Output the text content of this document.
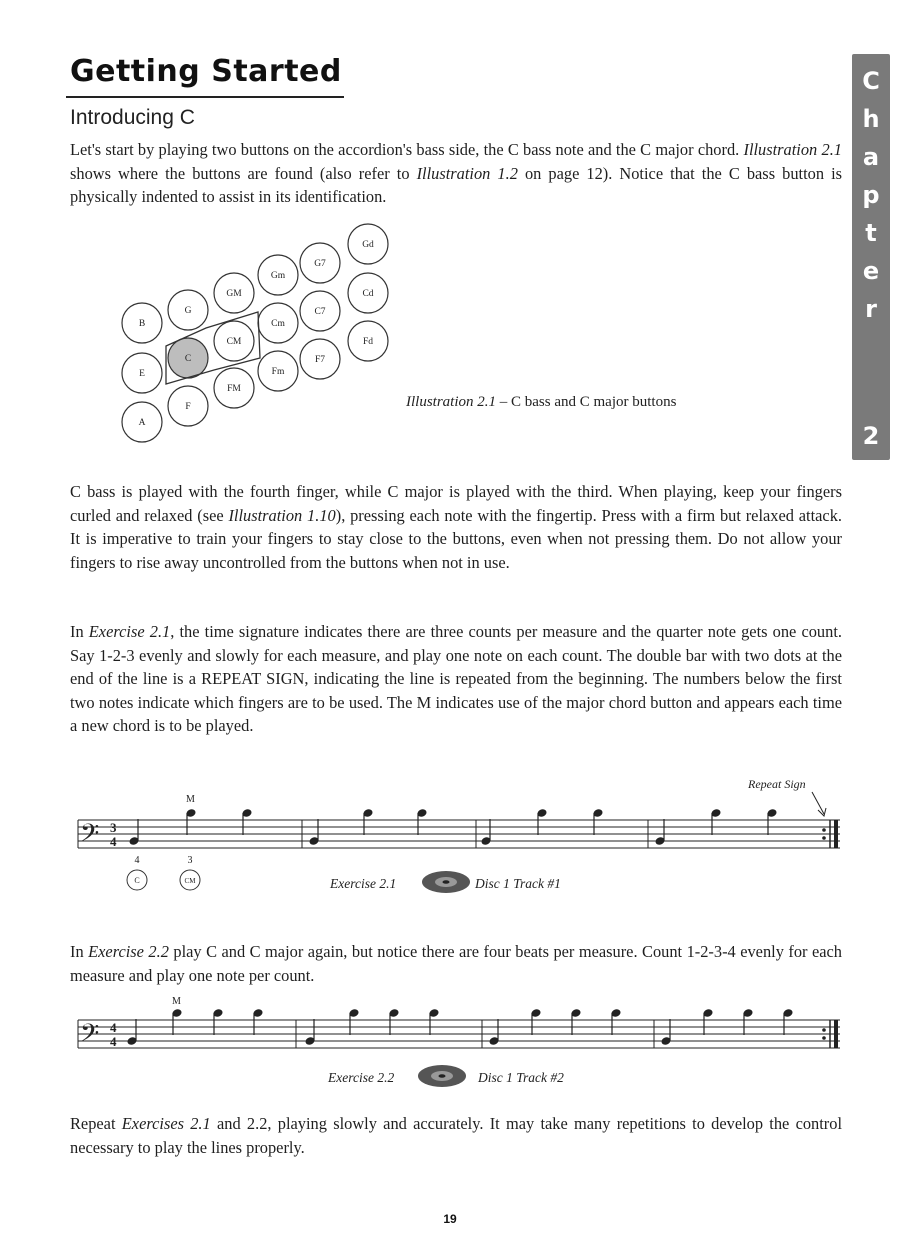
Getting Started
Introducing C
C
h
a
p
t
e
r
2
Let's start by playing two buttons on the accordion's bass side, the C bass note and the C major chord. Illustration 2.1 shows where the buttons are found (also refer to Illustration 1.2 on page 12). Notice that the C bass button is physically indented to assist in its identification.
Gd
Cd
Fd
G7
C7
F7
Gm
Cm
Fm
GM
CM
FM
G
C
F
B
E
A
Illustration 2.1 – C bass and C major buttons
C bass is played with the fourth finger, while C major is played with the third. When playing, keep your fingers curled and relaxed (see Illustration 1.10), pressing each note with the fingertip. Press with a firm but relaxed attack. It is imperative to train your fingers to stay close to the buttons, even when not pressing them. Do not allow your fingers to rise away uncontrolled from the buttons when not in use.
In Exercise 2.1, the time signature indicates there are three counts per measure and the quarter note gets one count. Say 1-2-3 evenly and slowly for each measure, and play one note on each count. The double bar with two dots at the end of the line is a REPEAT SIGN, indicating the line is repeated from the beginning. The numbers below the first two notes indicate which fingers are to be used. The M indicates use of the major chord button and appears each time a new chord is to be played.
𝄢 3
4
M
Repeat Sign
4	3
C	CM	Exercise 2.1	Disc 1 Track #1
In Exercise 2.2 play C and C major again, but notice there are four beats per measure. Count 1-2-3-4 evenly for each measure and play one note per count.
𝄢 4
4
M
Exercise 2.2	Disc 1 Track #2
Repeat Exercises 2.1 and 2.2, playing slowly and accurately. It may take many repetitions to develop the control necessary to play the lines properly.
19
